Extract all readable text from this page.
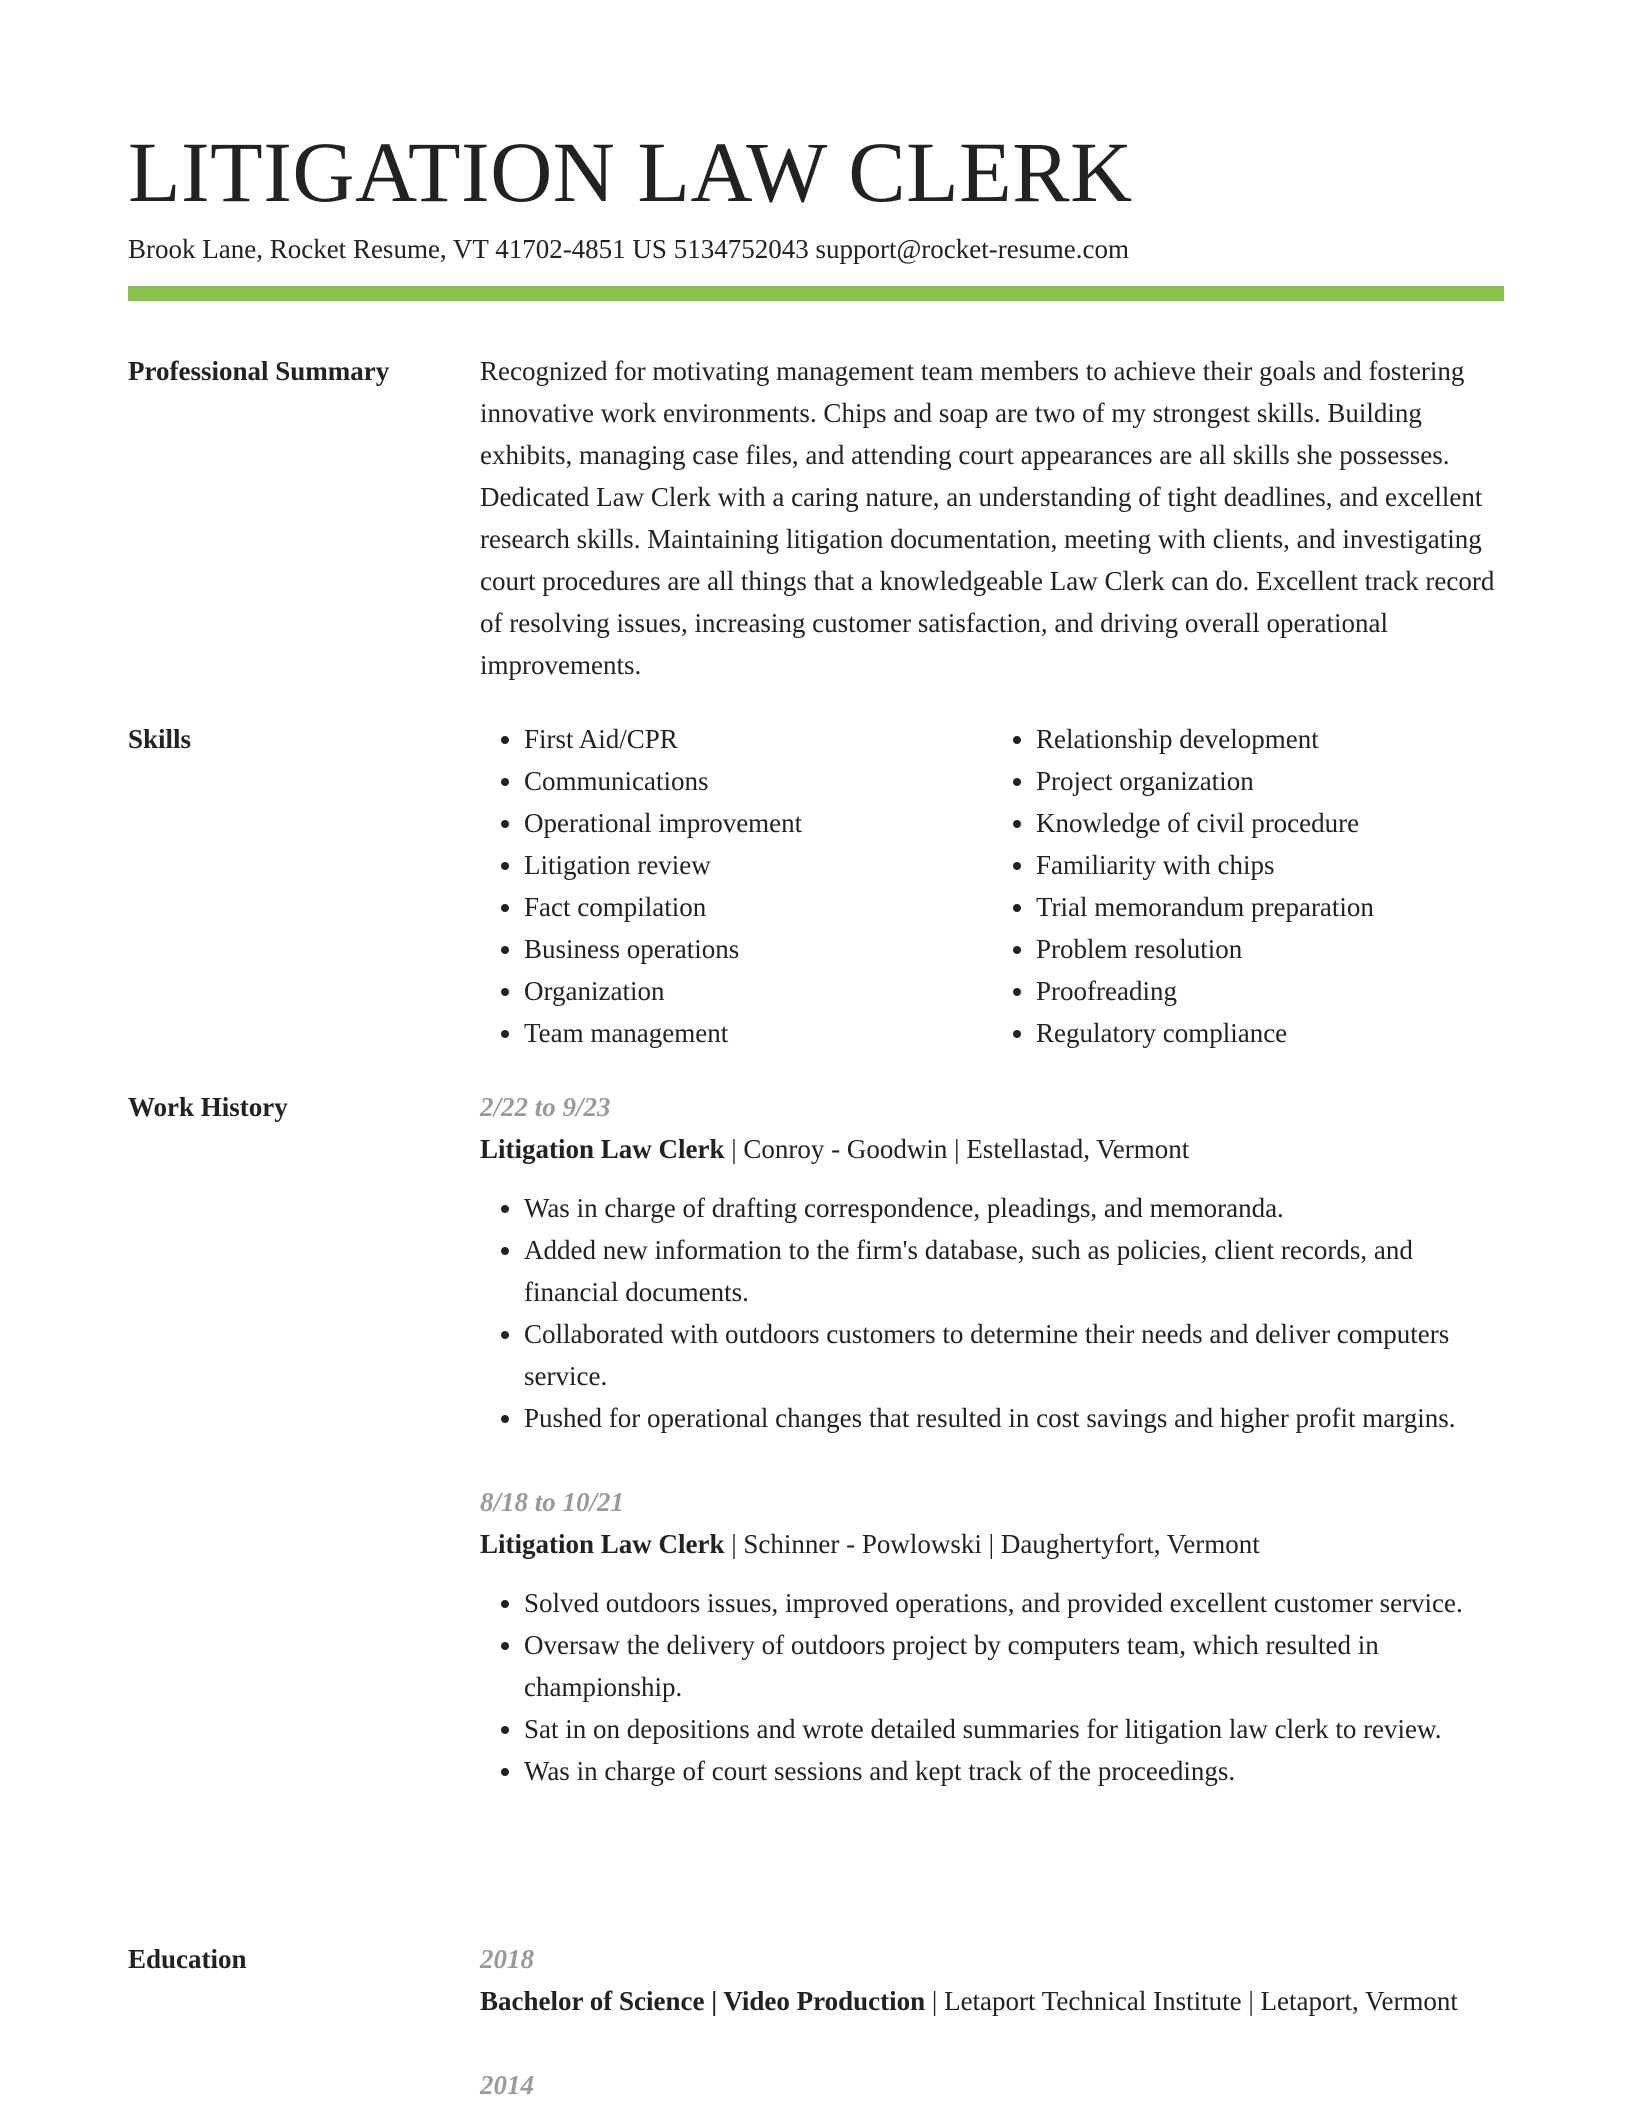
LITIGATION LAW CLERK
Brook Lane, Rocket Resume, VT 41702-4851 US 5134752043 support@rocket-resume.com
Professional Summary	Recognized for motivating management team members to achieve their goals and fostering innovative work environments. Chips and soap are two of my strongest skills. Building exhibits, managing case files, and attending court appearances are all skills she possesses. Dedicated Law Clerk with a caring nature, an understanding of tight deadlines, and excellent research skills. Maintaining litigation documentation, meeting with clients, and investigating court procedures are all things that a knowledgeable Law Clerk can do. Excellent track record of resolving issues, increasing customer satisfaction, and driving overall operational improvements.

Skills
•	First Aid/CPR
• Communications
• Operational improvement
• Litigation review
• Fact compilation
• Business operations
• Organization
• Team management
• Relationship development
• Project organization
• Knowledge of civil procedure
• Familiarity with chips
• Trial memorandum preparation
• Problem resolution
• Proofreading
• Regulatory compliance
Work History	2/22 to 9/23

Litigation Law Clerk | Conroy - Goodwin | Estellastad, Vermont

• Was in charge of drafting correspondence, pleadings, and memoranda.
• Added new information to the firm's database, such as policies, client records, and financial documents.
• Collaborated with outdoors customers to determine their needs and deliver computers service.
• Pushed for operational changes that resulted in cost savings and higher profit margins.

8/18 to 10/21

Litigation Law Clerk | Schinner - Powlowski | Daughertyfort, Vermont

• Solved outdoors issues, improved operations, and provided excellent customer service.
• Oversaw the delivery of outdoors project by computers team, which resulted in championship.
• Sat in on depositions and wrote detailed summaries for litigation law clerk to review.
• Was in charge of court sessions and kept track of the proceedings.
Education	2018

Bachelor of Science | Video Production | Letaport Technical Institute | Letaport, Vermont

2014
